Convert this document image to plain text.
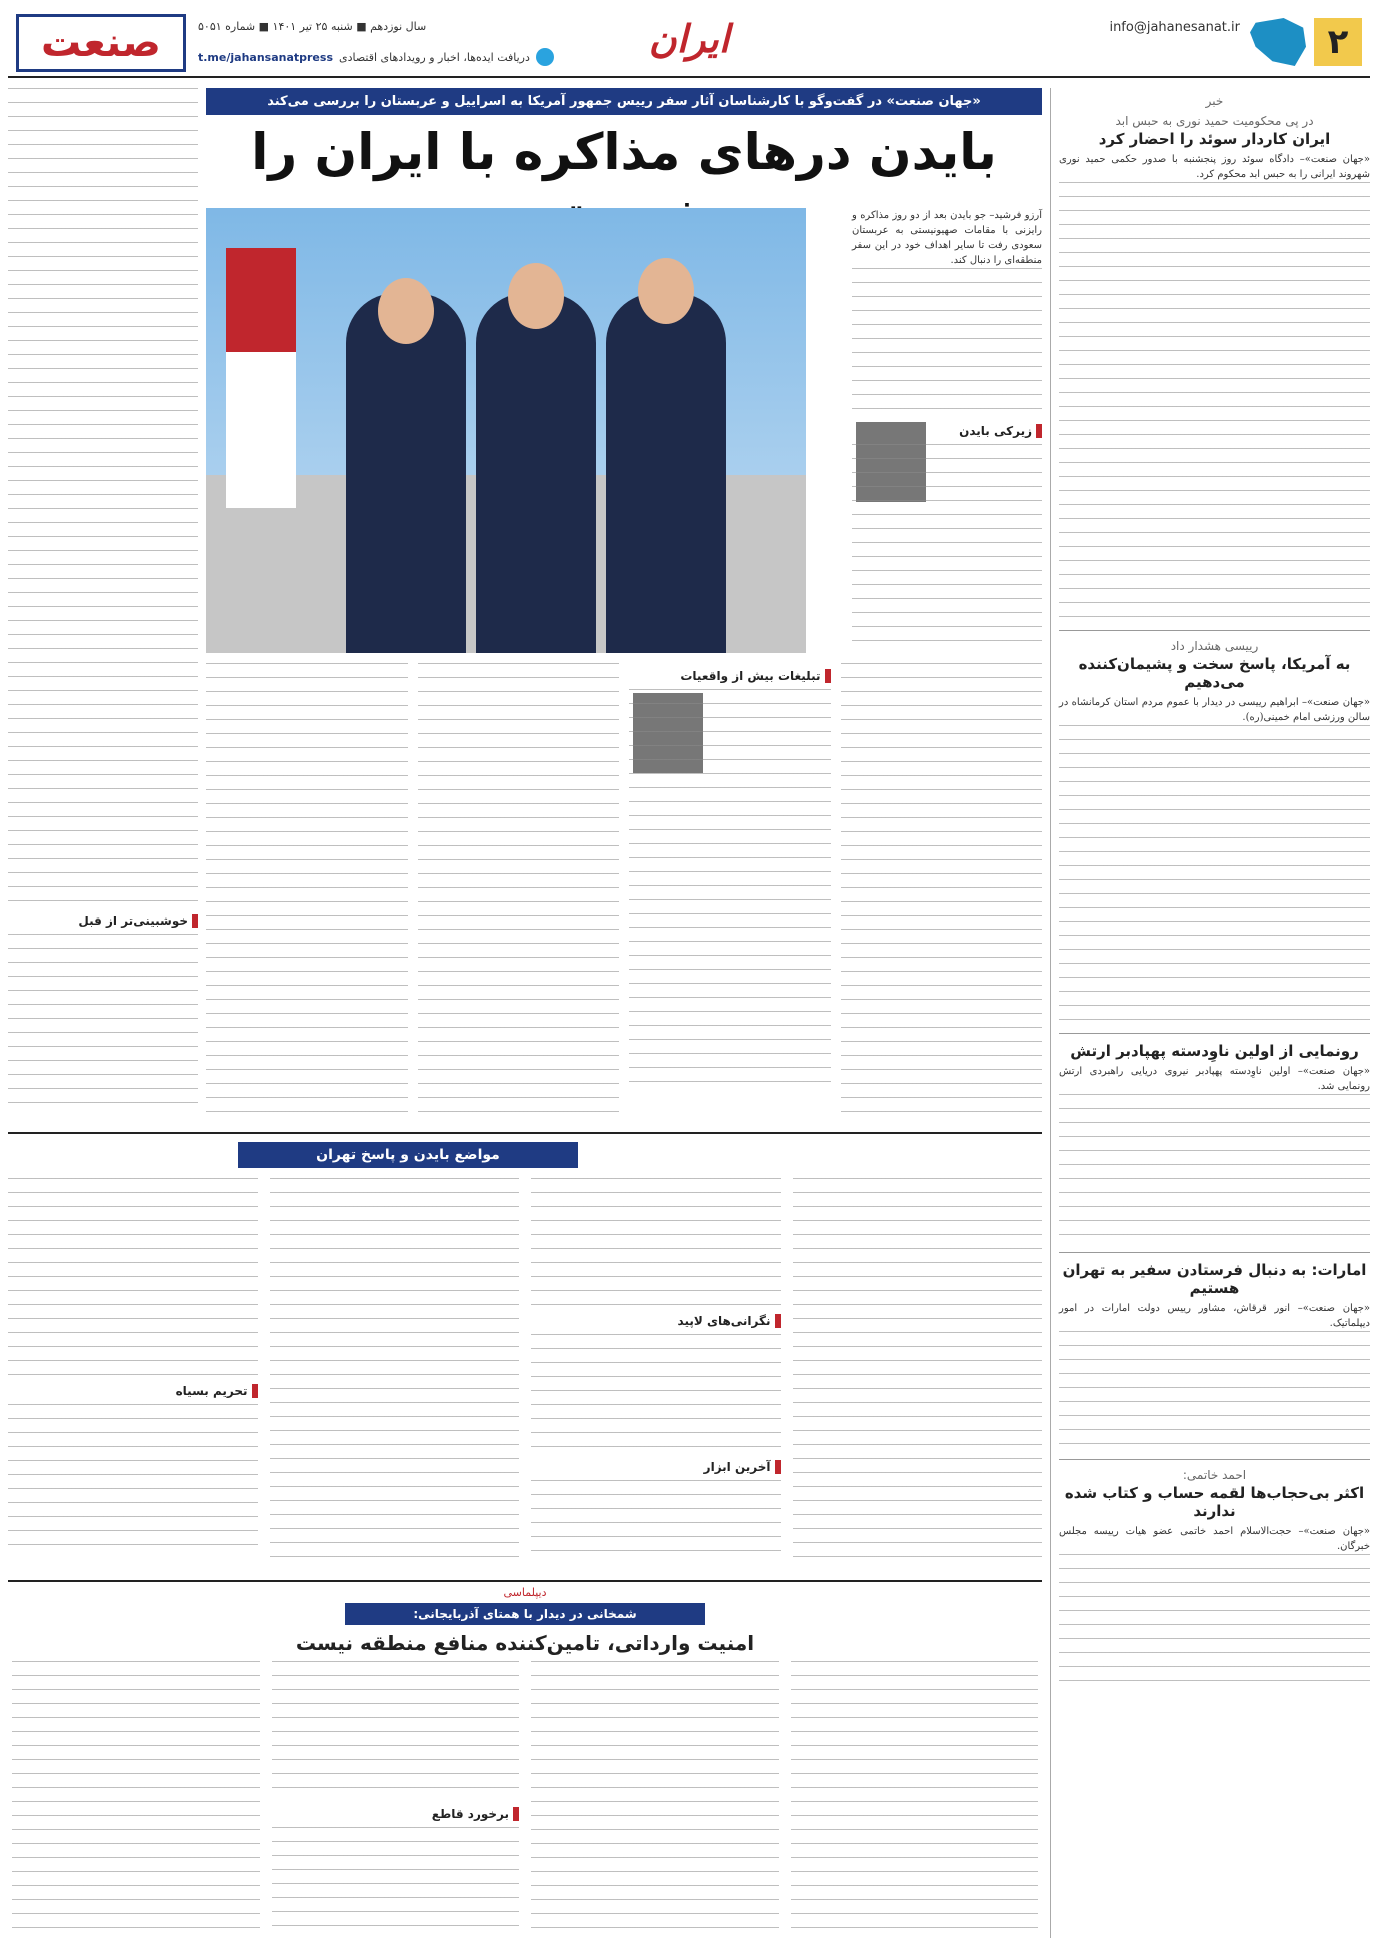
۲
info@jahanesanat.ir
ایران
صنعت	سال نوزدهم ■ شنبه ۲۵ تیر ۱۴۰۱ ■ شماره ۵۰۵۱
دریافت ایده‌ها، اخبار و رویدادهای اقتصادی
t.me/jahansanatpress
خبر
در پی محکومیت حمید نوری به حبس ابد
ایران کاردار سوئد را احضار کرد

«جهان صنعت»– دادگاه سوئد روز پنجشنبه با صدور حکمی حمید نوری شهروند ایرانی را به حبس ابد محکوم کرد.

رییسی هشدار داد
به آمریکا، پاسخ سخت و پشیمان‌کننده می‌دهیم

«جهان صنعت»– ابراهیم رییسی در دیدار با عموم مردم استان کرمانشاه در سالن ورزشی امام خمینی(ره).

رونمایی از اولین ناوِدسته پهپادبر ارتش

«جهان صنعت»– اولین ناوِدسته پهپادبر نیروی دریایی راهبردی ارتش رونمایی شد.

امارات: به دنبال فرستادن سفیر به تهران هستیم

«جهان صنعت»– انور قرقاش، مشاور رییس دولت امارات در امور دیپلماتیک.

احمد خاتمی:
اکثر بی‌حجاب‌ها لقمه حساب و کتاب شده ندارند

«جهان صنعت»– حجت‌الاسلام احمد خاتمی عضو هیات رییسه مجلس خبرگان.

خوشبینی‌تر از قبل
«جهان صنعت» در گفت‌وگو با کارشناسان آثار سفر رییس جمهور آمریکا به اسراییل و عربستان را بررسی می‌کند
بایدن درهای مذاکره با ایران را

آرزو فرشید– جو بایدن بعد از دو روز مذاکره و رایزنی با مقامات صهیونیستی به عربستان سعودی رفت تا سایر اهداف خود در این سفر منطقه‌ای را دنبال کند.

زیرکی بایدن
تبلیغات بیش از واقعیات
مواضع بایدن و پاسخ تهران
نگرانی‌های لاپید
آخرین ابزار
تحریم بسیاه
دیپلماسی
شمخانی در دیدار با همتای آذربایجانی:
امنیت وارداتی، تامین‌کننده منافع منطقه نیست
برخورد قاطع
